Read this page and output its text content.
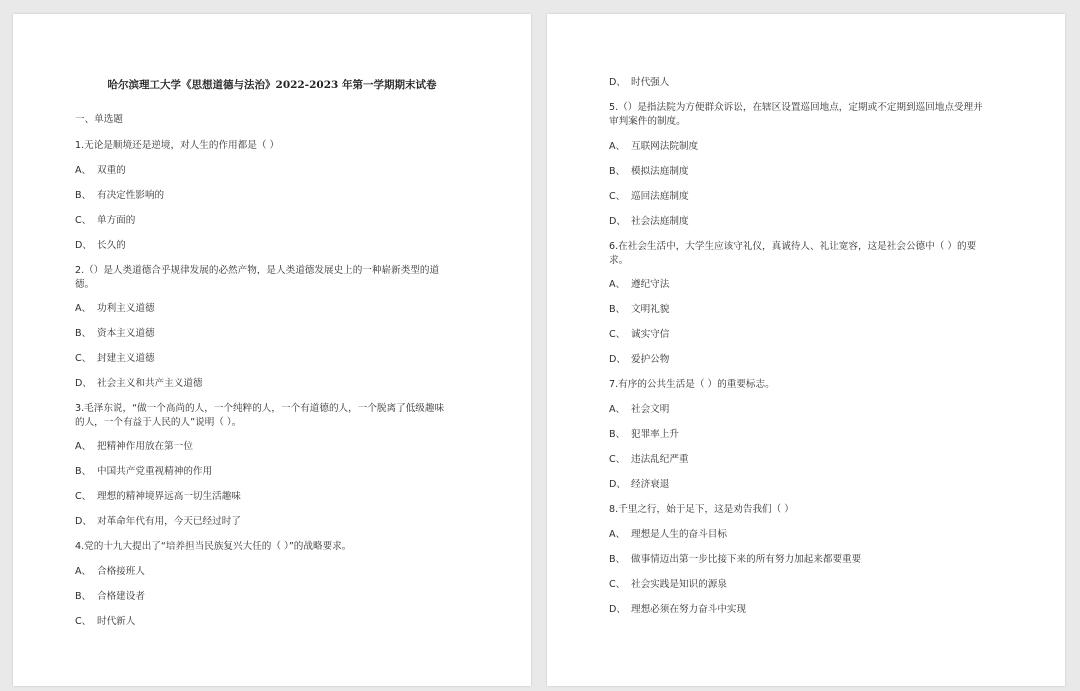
哈尔滨理工大学《思想道德与法治》2022-2023 年第一学期期末试卷
一、单选题
1.无论是顺境还是逆境，对人生的作用都是（ ）
A、 双重的
B、 有决定性影响的
C、 单方面的
D、 长久的
2.（）是人类道德合乎规律发展的必然产物，是人类道德发展史上的一种崭新类型的道
德。
A、 功利主义道德
B、 资本主义道德
C、 封建主义道德
D、 社会主义和共产主义道德
3.毛泽东说，“做一个高尚的人，一个纯粹的人，一个有道德的人，一个脱离了低级趣味
的人，一个有益于人民的人”说明（ ）。
A、 把精神作用放在第一位
B、 中国共产党重视精神的作用
C、 理想的精神境界远高一切生活趣味
D、 对革命年代有用，今天已经过时了
4.党的十九大提出了“培养担当民族复兴大任的（ ）”的战略要求。
A、 合格接班人
B、 合格建设者
C、 时代新人
D、 时代强人
5.（）是指法院为方便群众诉讼，在辖区设置巡回地点，定期或不定期到巡回地点受理并
审判案件的制度。
A、 互联网法院制度
B、 模拟法庭制度
C、 巡回法庭制度
D、 社会法庭制度
6.在社会生活中，大学生应该守礼仪，真诚待人、礼让宽容，这是社会公德中（ ）的要
求。
A、 遵纪守法
B、 文明礼貌
C、 诚实守信
D、 爱护公物
7.有序的公共生活是（ ）的重要标志。
A、 社会文明
B、 犯罪率上升
C、 违法乱纪严重
D、 经济衰退
8.千里之行，始于足下，这是劝告我们（ ）
A、 理想是人生的奋斗目标
B、 做事情迈出第一步比接下来的所有努力加起来都要重要
C、 社会实践是知识的源泉
D、 理想必须在努力奋斗中实现
